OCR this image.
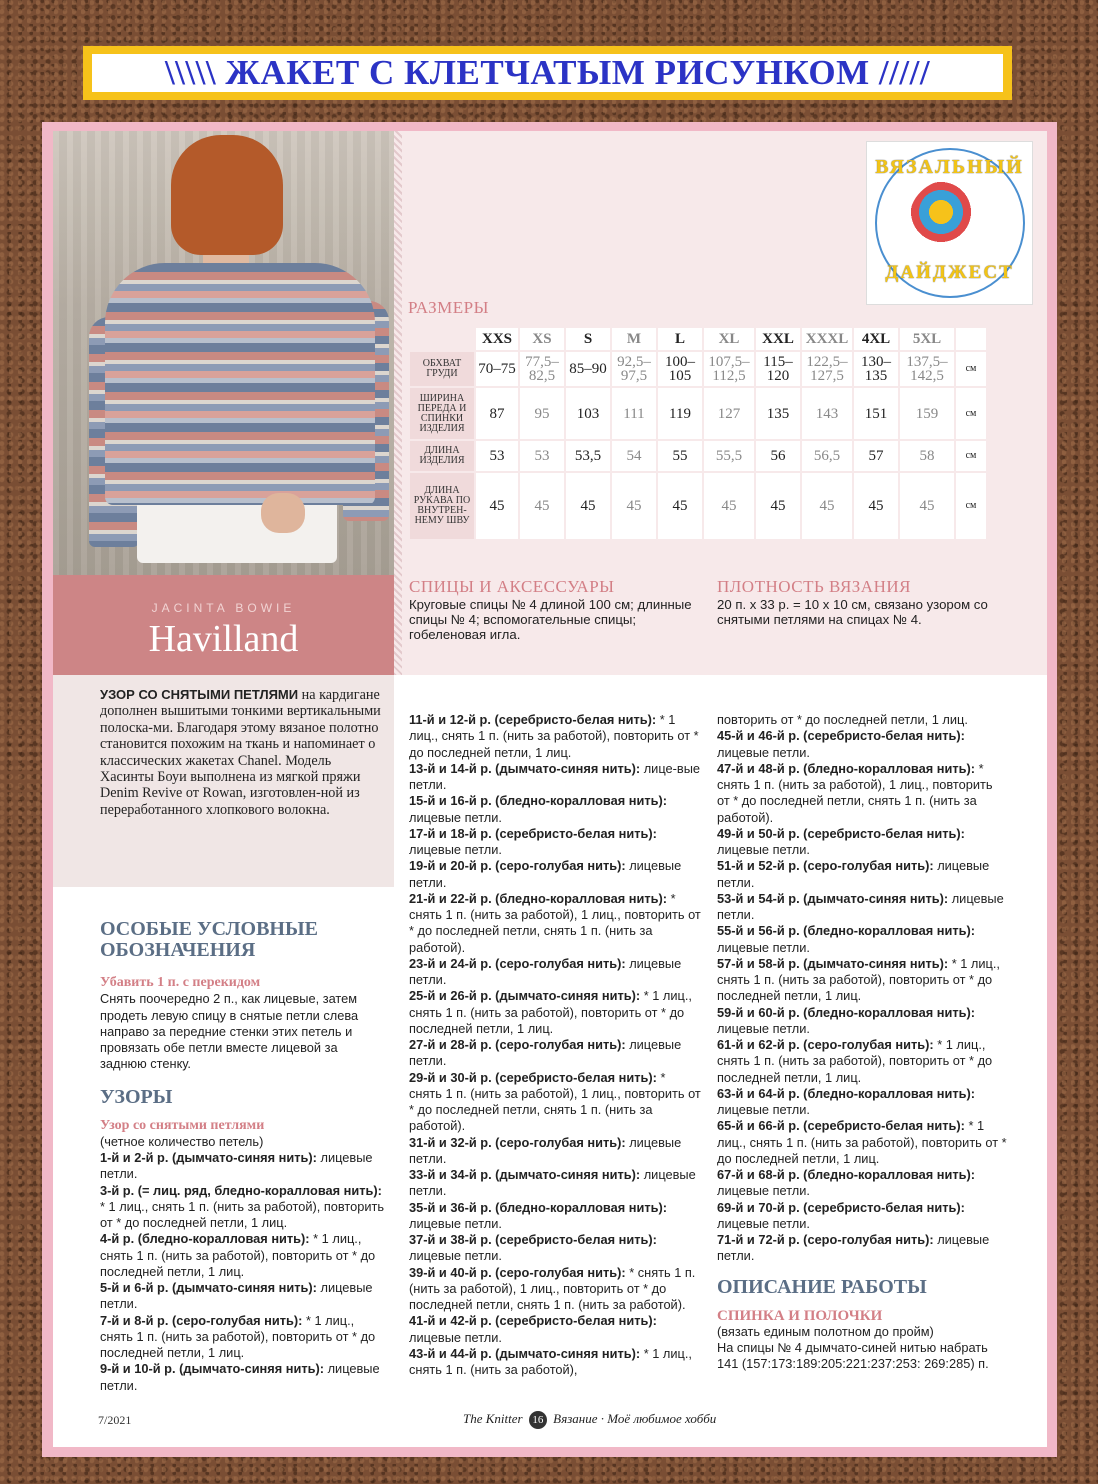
\\\\\ ЖАКЕТ С КЛЕТЧАТЫМ РИСУНКОМ /////
JACINTA BOWIE
Havilland
ВЯЗАЛЬНЫЙ
ДАЙДЖЕСТ
РАЗМЕРЫ
	XXS	XS	S	M	L	XL	XXL	XXXL	4XL	5XL	
ОБХВАТ ГРУДИ	70–75	77,5–82,5	85–90	92,5–97,5	100–105	107,5–112,5	115–120	122,5–127,5	130–135	137,5–142,5	см
ШИРИНА ПЕРЕДА И СПИНКИ ИЗДЕЛИЯ	87	95	103	111	119	127	135	143	151	159	см
ДЛИНА ИЗДЕЛИЯ	53	53	53,5	54	55	55,5	56	56,5	57	58	см
ДЛИНА РУКАВА ПО ВНУТРЕН-НЕМУ ШВУ	45	45	45	45	45	45	45	45	45	45	см
СПИЦЫ И АКСЕССУАРЫ
Круговые спицы № 4 длиной 100 см; длинные спицы № 4; вспомогательные спицы; гобеленовая игла.
ПЛОТНОСТЬ ВЯЗАНИЯ
20 п. х 33 р. = 10 х 10 см, связано узором со снятыми петлями на спицах № 4.
УЗОР СО СНЯТЫМИ ПЕТЛЯМИ на кардигане дополнен вышитыми тонкими вертикальными полоска-ми. Благодаря этому вязаное полотно становится похожим на ткань и напоминает о классических жакетах Chanel. Модель Хасинты Боуи выполнена из мягкой пряжи Denim Revive от Rowan, изготовлен-ной из переработанного хлопкового волокна.
ОСОБЫЕ УСЛОВНЫЕ ОБОЗНАЧЕНИЯ
Убавить 1 п. с перекидом

Снять поочередно 2 п., как лицевые, затем продеть левую спицу в снятые петли слева направо за передние стенки этих петель и провязать обе петли вместе лицевой за заднюю стенку.

УЗОРЫ
Узор со снятыми петлями

(четное количество петель)

1-й и 2-й р. (дымчато-синяя нить): лицевые петли.

3-й р. (= лиц. ряд, бледно-коралловая нить): * 1 лиц., снять 1 п. (нить за работой), повторить от * до последней петли, 1 лиц.

4-й р. (бледно-коралловая нить): * 1 лиц., снять 1 п. (нить за работой), повторить от * до последней петли, 1 лиц.

5-й и 6-й р. (дымчато-синяя нить): лицевые петли.

7-й и 8-й р. (серо-голубая нить): * 1 лиц., снять 1 п. (нить за работой), повторить от * до последней петли, 1 лиц.

9-й и 10-й р. (дымчато-синяя нить): лицевые петли.

11-й и 12-й р. (серебристо-белая нить): * 1 лиц., снять 1 п. (нить за работой), повторить от * до последней петли, 1 лиц.

13-й и 14-й р. (дымчато-синяя нить): лице-вые петли.

15-й и 16-й р. (бледно-коралловая нить): лицевые петли.

17-й и 18-й р. (серебристо-белая нить): лицевые петли.

19-й и 20-й р. (серо-голубая нить): лицевые петли.

21-й и 22-й р. (бледно-коралловая нить): * снять 1 п. (нить за работой), 1 лиц., повторить от * до последней петли, снять 1 п. (нить за работой).

23-й и 24-й р. (серо-голубая нить): лицевые петли.

25-й и 26-й р. (дымчато-синяя нить): * 1 лиц., снять 1 п. (нить за работой), повторить от * до последней петли, 1 лиц.

27-й и 28-й р. (серо-голубая нить): лицевые петли.

29-й и 30-й р. (серебристо-белая нить): * снять 1 п. (нить за работой), 1 лиц., повторить от * до последней петли, снять 1 п. (нить за работой).

31-й и 32-й р. (серо-голубая нить): лицевые петли.

33-й и 34-й р. (дымчато-синяя нить): лицевые петли.

35-й и 36-й р. (бледно-коралловая нить): лицевые петли.

37-й и 38-й р. (серебристо-белая нить): лицевые петли.

39-й и 40-й р. (серо-голубая нить): * снять 1 п. (нить за работой), 1 лиц., повторить от * до последней петли, снять 1 п. (нить за работой).

41-й и 42-й р. (серебристо-белая нить): лицевые петли.

43-й и 44-й р. (дымчато-синяя нить): * 1 лиц., снять 1 п. (нить за работой),

повторить от * до последней петли, 1 лиц.

45-й и 46-й р. (серебристо-белая нить): лицевые петли.

47-й и 48-й р. (бледно-коралловая нить): * снять 1 п. (нить за работой), 1 лиц., повторить от * до последней петли, снять 1 п. (нить за работой).

49-й и 50-й р. (серебристо-белая нить): лицевые петли.

51-й и 52-й р. (серо-голубая нить): лицевые петли.

53-й и 54-й р. (дымчато-синяя нить): лицевые петли.

55-й и 56-й р. (бледно-коралловая нить): лицевые петли.

57-й и 58-й р. (дымчато-синяя нить): * 1 лиц., снять 1 п. (нить за работой), повторить от * до последней петли, 1 лиц.

59-й и 60-й р. (бледно-коралловая нить): лицевые петли.

61-й и 62-й р. (серо-голубая нить): * 1 лиц., снять 1 п. (нить за работой), повторить от * до последней петли, 1 лиц.

63-й и 64-й р. (бледно-коралловая нить): лицевые петли.

65-й и 66-й р. (серебристо-белая нить): * 1 лиц., снять 1 п. (нить за работой), повторить от * до последней петли, 1 лиц.

67-й и 68-й р. (бледно-коралловая нить): лицевые петли.

69-й и 70-й р. (серебристо-белая нить): лицевые петли.

71-й и 72-й р. (серо-голубая нить): лицевые петли.

ОПИСАНИЕ РАБОТЫ
СПИНКА И ПОЛОЧКИ

(вязать единым полотном до пройм)

На спицы № 4 дымчато-синей нитью набрать 141 (157:173:189:205:221:237:253: 269:285) п.

7/2021	The Knitter 16 Вязание · Моё любимое хобби
